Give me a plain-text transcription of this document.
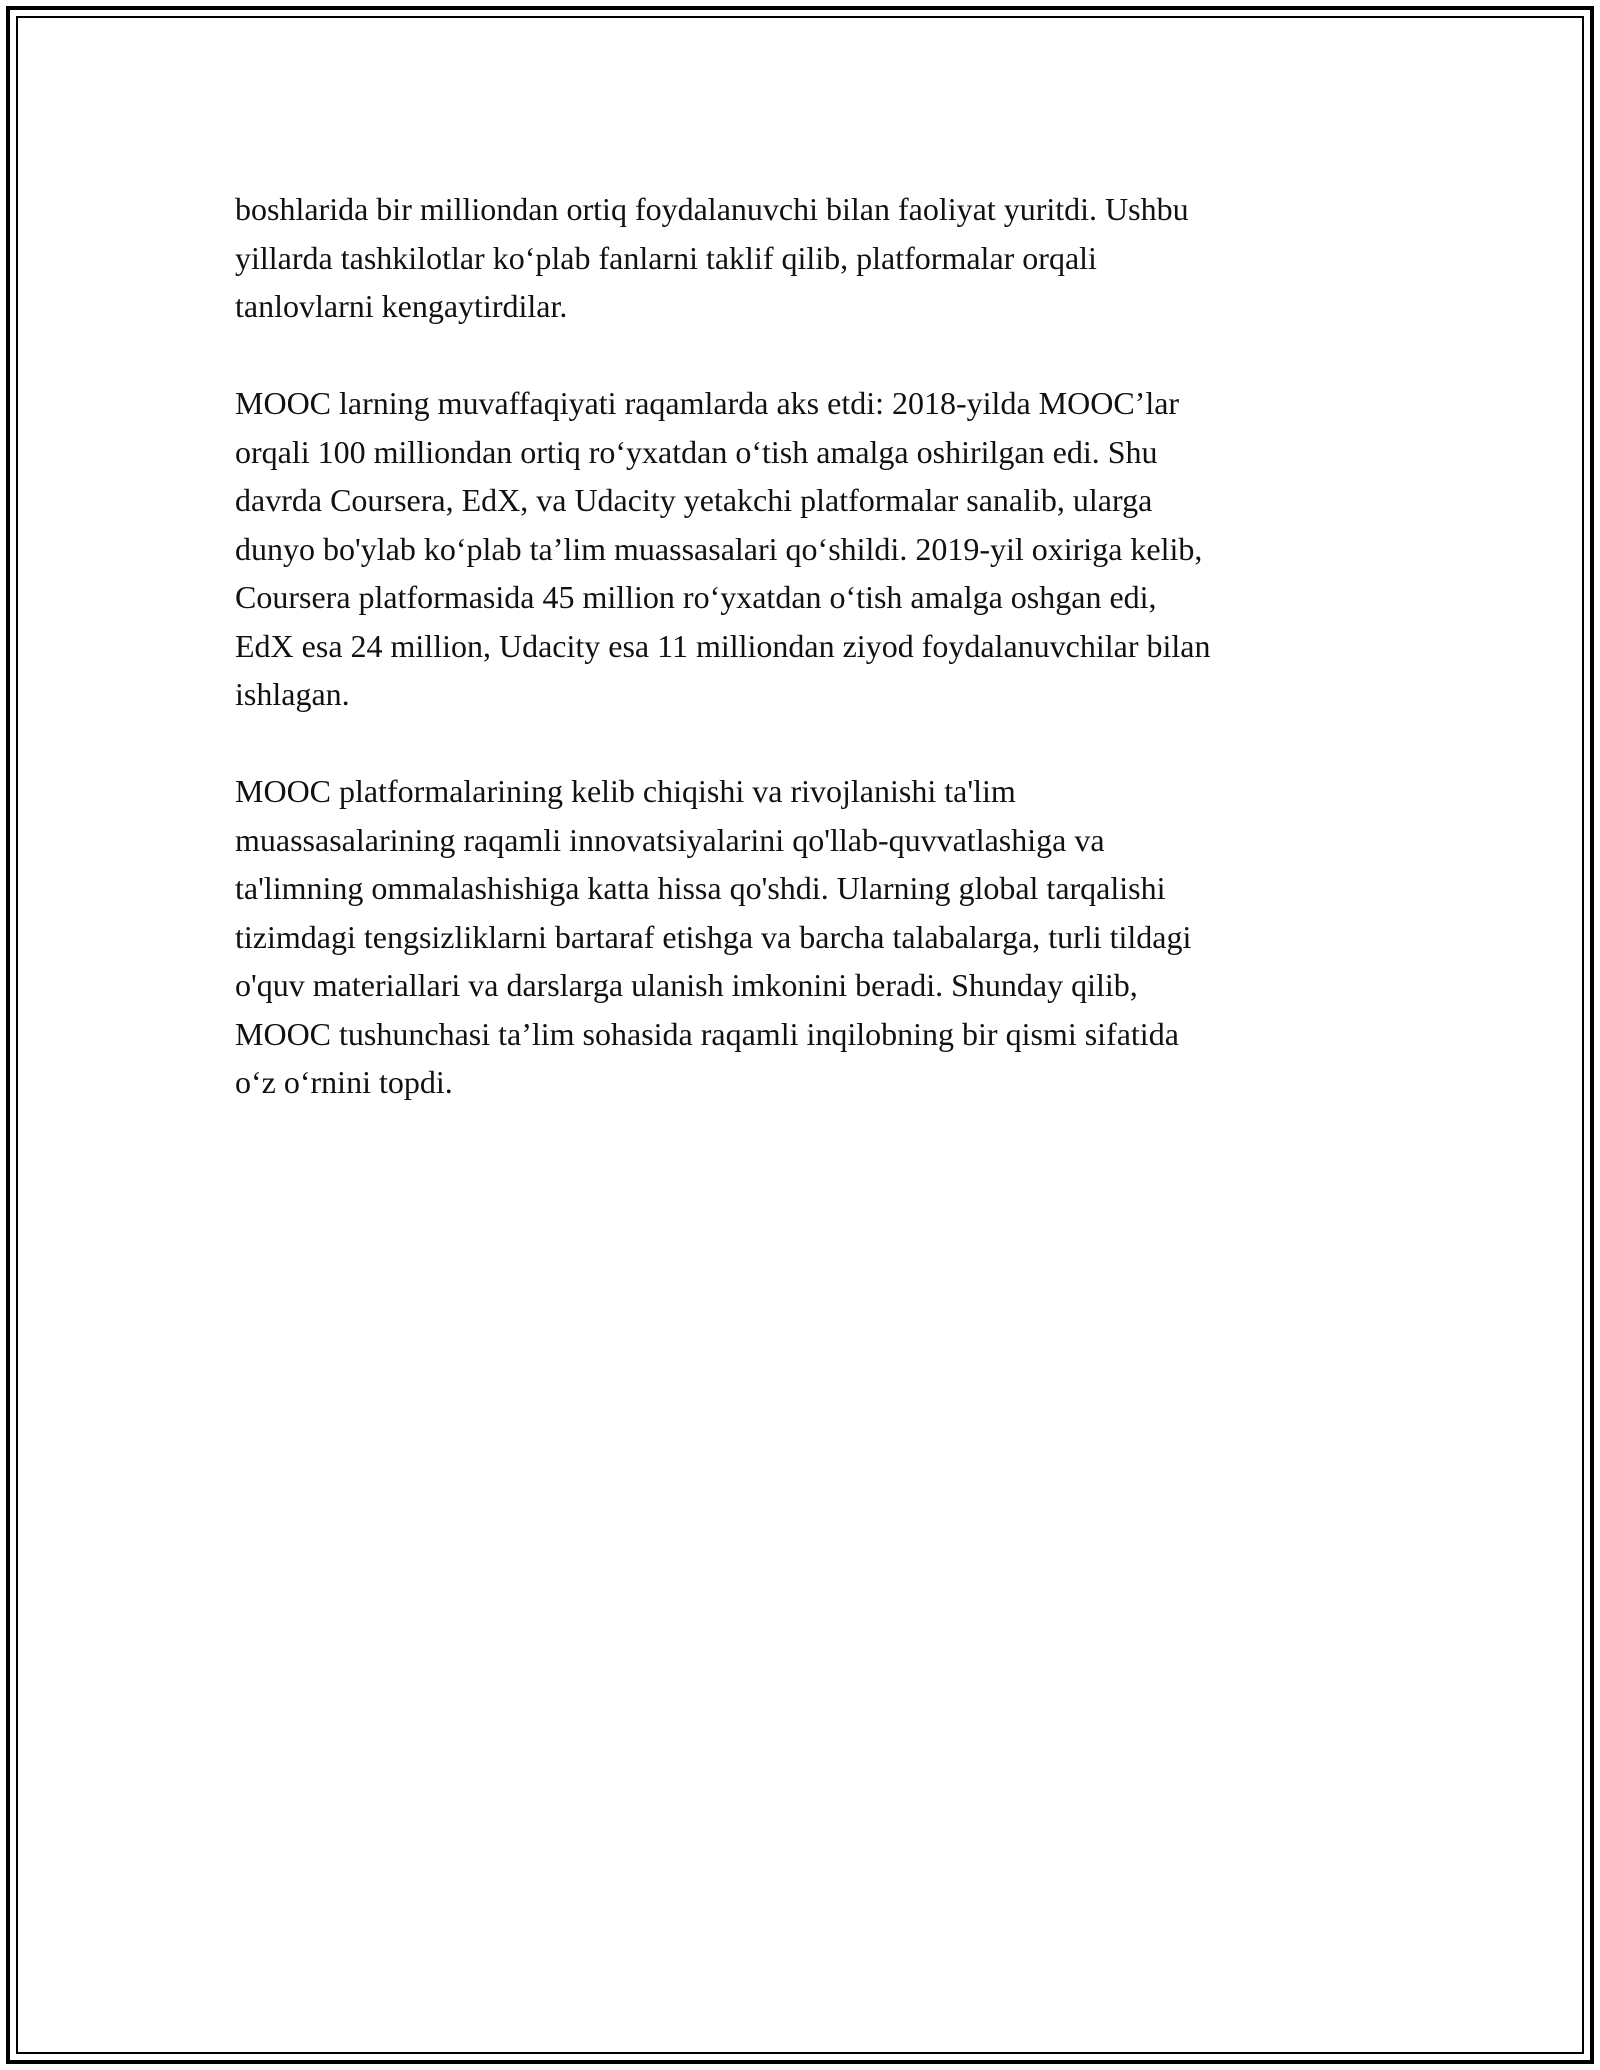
boshlarida bir milliondan ortiq foydalanuvchi bilan faoliyat yuritdi. Ushbu
yillarda tashkilotlar ko‘plab fanlarni taklif qilib, platformalar orqali
tanlovlarni kengaytirdilar.

MOOC larning muvaffaqiyati raqamlarda aks etdi: 2018-yilda MOOC’lar
orqali 100 milliondan ortiq ro‘yxatdan o‘tish amalga oshirilgan edi. Shu
davrda Coursera, EdX, va Udacity yetakchi platformalar sanalib, ularga
dunyo bo'ylab ko‘plab ta’lim muassasalari qo‘shildi. 2019-yil oxiriga kelib,
Coursera platformasida 45 million ro‘yxatdan o‘tish amalga oshgan edi,
EdX esa 24 million, Udacity esa 11 milliondan ziyod foydalanuvchilar bilan
ishlagan.

MOOC platformalarining kelib chiqishi va rivojlanishi ta'lim
muassasalarining raqamli innovatsiyalarini qo'llab-quvvatlashiga va
ta'limning ommalashishiga katta hissa qo'shdi. Ularning global tarqalishi
tizimdagi tengsizliklarni bartaraf etishga va barcha talabalarga, turli tildagi
o'quv materiallari va darslarga ulanish imkonini beradi. Shunday qilib,
MOOC tushunchasi ta’lim sohasida raqamli inqilobning bir qismi sifatida
o‘z o‘rnini topdi.
